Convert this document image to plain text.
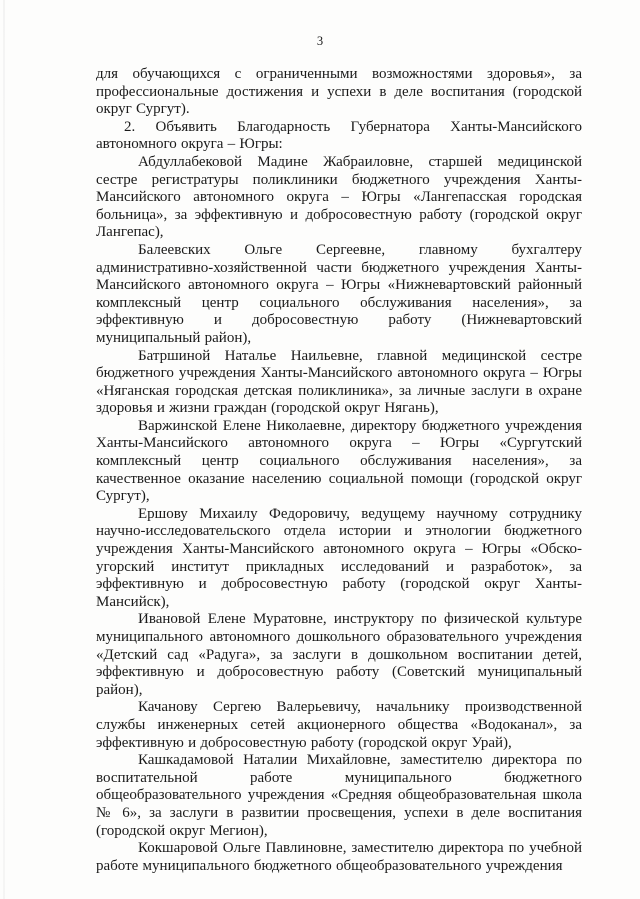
3

для обучающихся с ограниченными возможностями здоровья», за профессиональные достижения и успехи в деле воспитания (городской округ Сургут).

2. Объявить Благодарность Губернатора Ханты-Мансийского автономного округа – Югры:

Абдуллабековой Мадине Жабраиловне, старшей медицинской сестре регистратуры поликлиники бюджетного учреждения Ханты-Мансийского автономного округа – Югры «Лангепасская городская больница», за эффективную и добросовестную работу (городской округ Лангепас),

Балеевских Ольге Сергеевне, главному бухгалтеру административно-хозяйственной части бюджетного учреждения Ханты-Мансийского автономного округа – Югры «Нижневартовский районный комплексный центр социального обслуживания населения», за эффективную и добросовестную работу (Нижневартовский муниципальный район),

Батршиной Наталье Наильевне, главной медицинской сестре бюджетного учреждения Ханты-Мансийского автономного округа – Югры «Няганская городская детская поликлиника», за личные заслуги в охране здоровья и жизни граждан (городской округ Нягань),

Варжинской Елене Николаевне, директору бюджетного учреждения Ханты-Мансийского автономного округа – Югры «Сургутский комплексный центр социального обслуживания населения», за качественное оказание населению социальной помощи (городской округ Сургут),

Ершову Михаилу Федоровичу, ведущему научному сотруднику научно-исследовательского отдела истории и этнологии бюджетного учреждения Ханты-Мансийского автономного округа – Югры «Обско-угорский институт прикладных исследований и разработок», за эффективную и добросовестную работу (городской округ Ханты-Мансийск),

Ивановой Елене Муратовне, инструктору по физической культуре муниципального автономного дошкольного образовательного учреждения «Детский сад «Радуга», за заслуги в дошкольном воспитании детей, эффективную и добросовестную работу (Советский муниципальный район),

Качанову Сергею Валерьевичу, начальнику производственной службы инженерных сетей акционерного общества «Водоканал», за эффективную и добросовестную работу (городской округ Урай),

Кашкадамовой Наталии Михайловне, заместителю директора по воспитательной работе муниципального бюджетного общеобразовательного учреждения «Средняя общеобразовательная школа № 6», за заслуги в развитии просвещения, успехи в деле воспитания (городской округ Мегион),

Кокшаровой Ольге Павлиновне, заместителю директора по учебной работе муниципального бюджетного общеобразовательного учреждения
